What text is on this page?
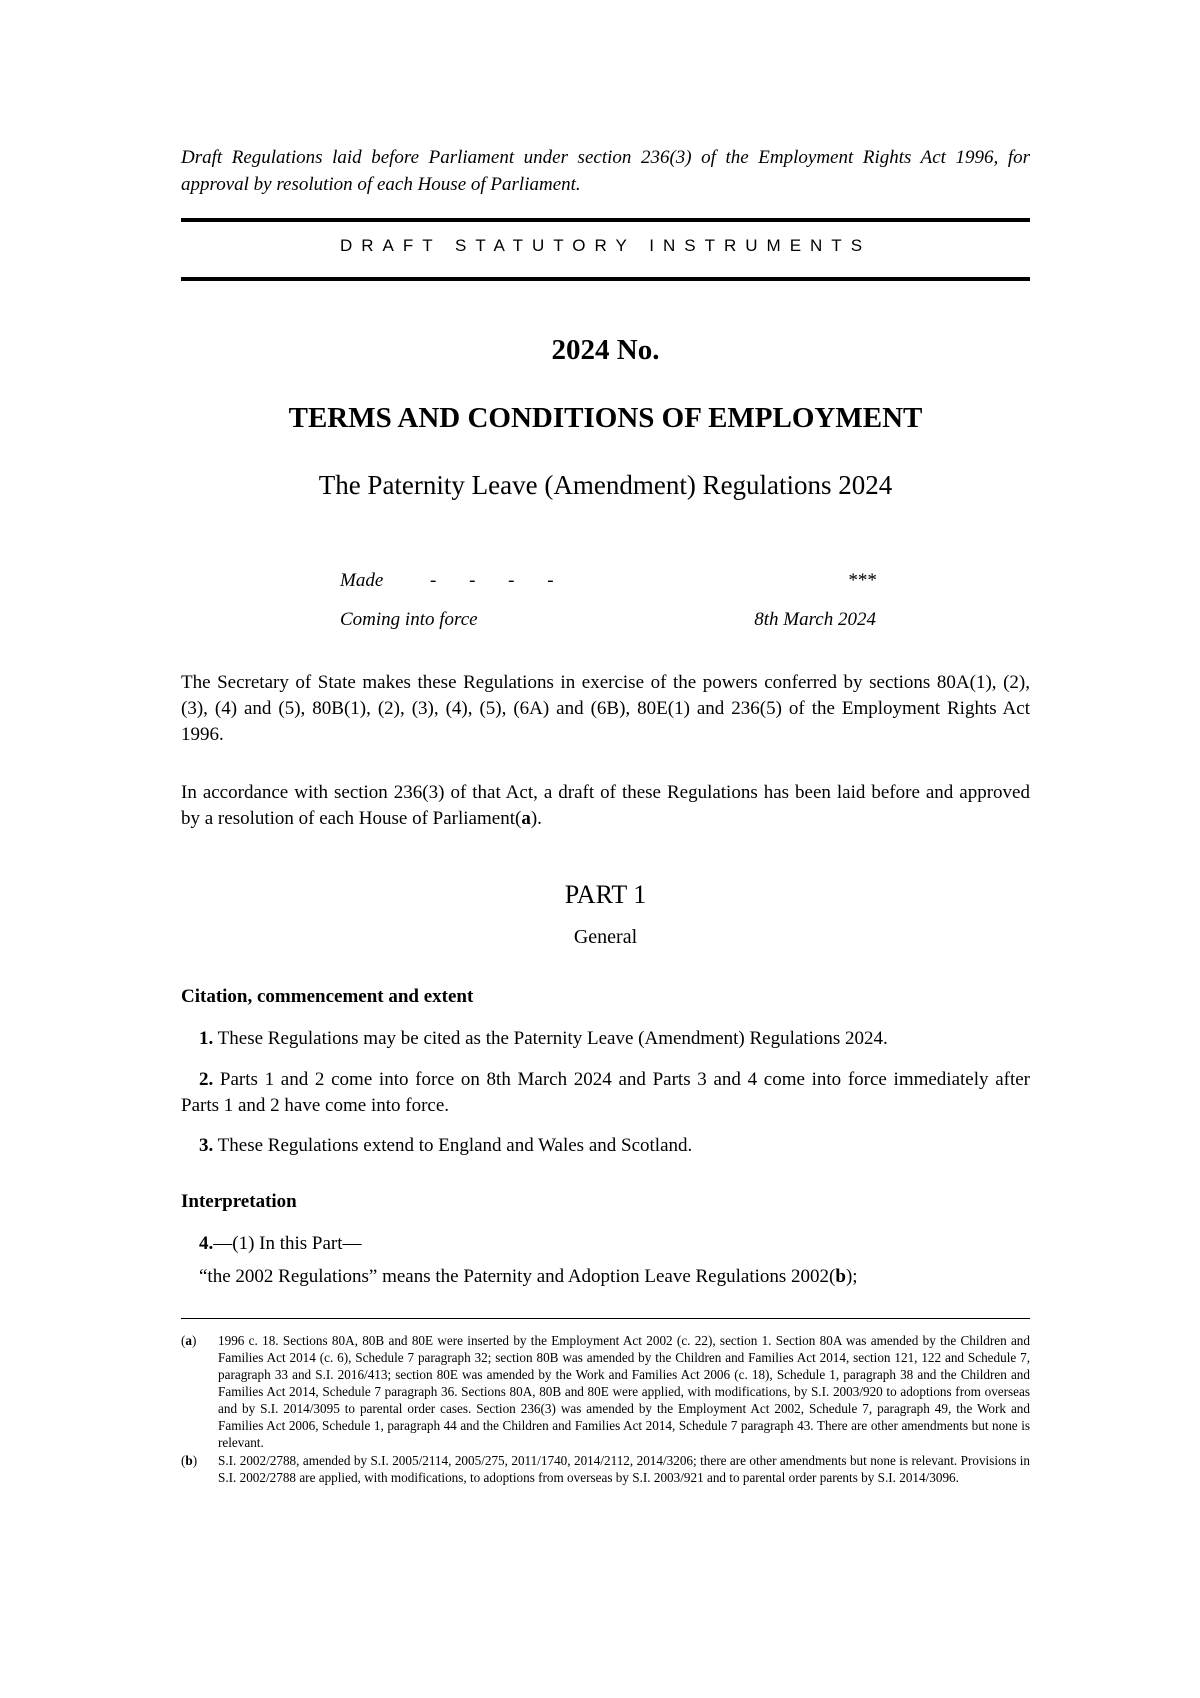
Draft Regulations laid before Parliament under section 236(3) of the Employment Rights Act 1996, for approval by resolution of each House of Parliament.

DRAFT STATUTORY INSTRUMENTS

2024 No.

TERMS AND CONDITIONS OF EMPLOYMENT

The Paternity Leave (Amendment) Regulations 2024

Made - - - -	***
Coming into force	8th March 2024

The Secretary of State makes these Regulations in exercise of the powers conferred by sections 80A(1), (2), (3), (4) and (5), 80B(1), (2), (3), (4), (5), (6A) and (6B), 80E(1) and 236(5) of the Employment Rights Act 1996.

In accordance with section 236(3) of that Act, a draft of these Regulations has been laid before and approved by a resolution of each House of Parliament(a).

PART 1

General

Citation, commencement and extent

1. These Regulations may be cited as the Paternity Leave (Amendment) Regulations 2024.

2. Parts 1 and 2 come into force on 8th March 2024 and Parts 3 and 4 come into force immediately after Parts 1 and 2 have come into force.

3. These Regulations extend to England and Wales and Scotland.

Interpretation

4.—(1) In this Part—

“the 2002 Regulations” means the Paternity and Adoption Leave Regulations 2002(b);

(a) 1996 c. 18. Sections 80A, 80B and 80E were inserted by the Employment Act 2002 (c. 22), section 1. Section 80A was amended by the Children and Families Act 2014 (c. 6), Schedule 7 paragraph 32; section 80B was amended by the Children and Families Act 2014, section 121, 122 and Schedule 7, paragraph 33 and S.I. 2016/413; section 80E was amended by the Work and Families Act 2006 (c. 18), Schedule 1, paragraph 38 and the Children and Families Act 2014, Schedule 7 paragraph 36. Sections 80A, 80B and 80E were applied, with modifications, by S.I. 2003/920 to adoptions from overseas and by S.I. 2014/3095 to parental order cases. Section 236(3) was amended by the Employment Act 2002, Schedule 7, paragraph 49, the Work and Families Act 2006, Schedule 1, paragraph 44 and the Children and Families Act 2014, Schedule 7 paragraph 43. There are other amendments but none is relevant.

(b) S.I. 2002/2788, amended by S.I. 2005/2114, 2005/275, 2011/1740, 2014/2112, 2014/3206; there are other amendments but none is relevant. Provisions in S.I. 2002/2788 are applied, with modifications, to adoptions from overseas by S.I. 2003/921 and to parental order parents by S.I. 2014/3096.
